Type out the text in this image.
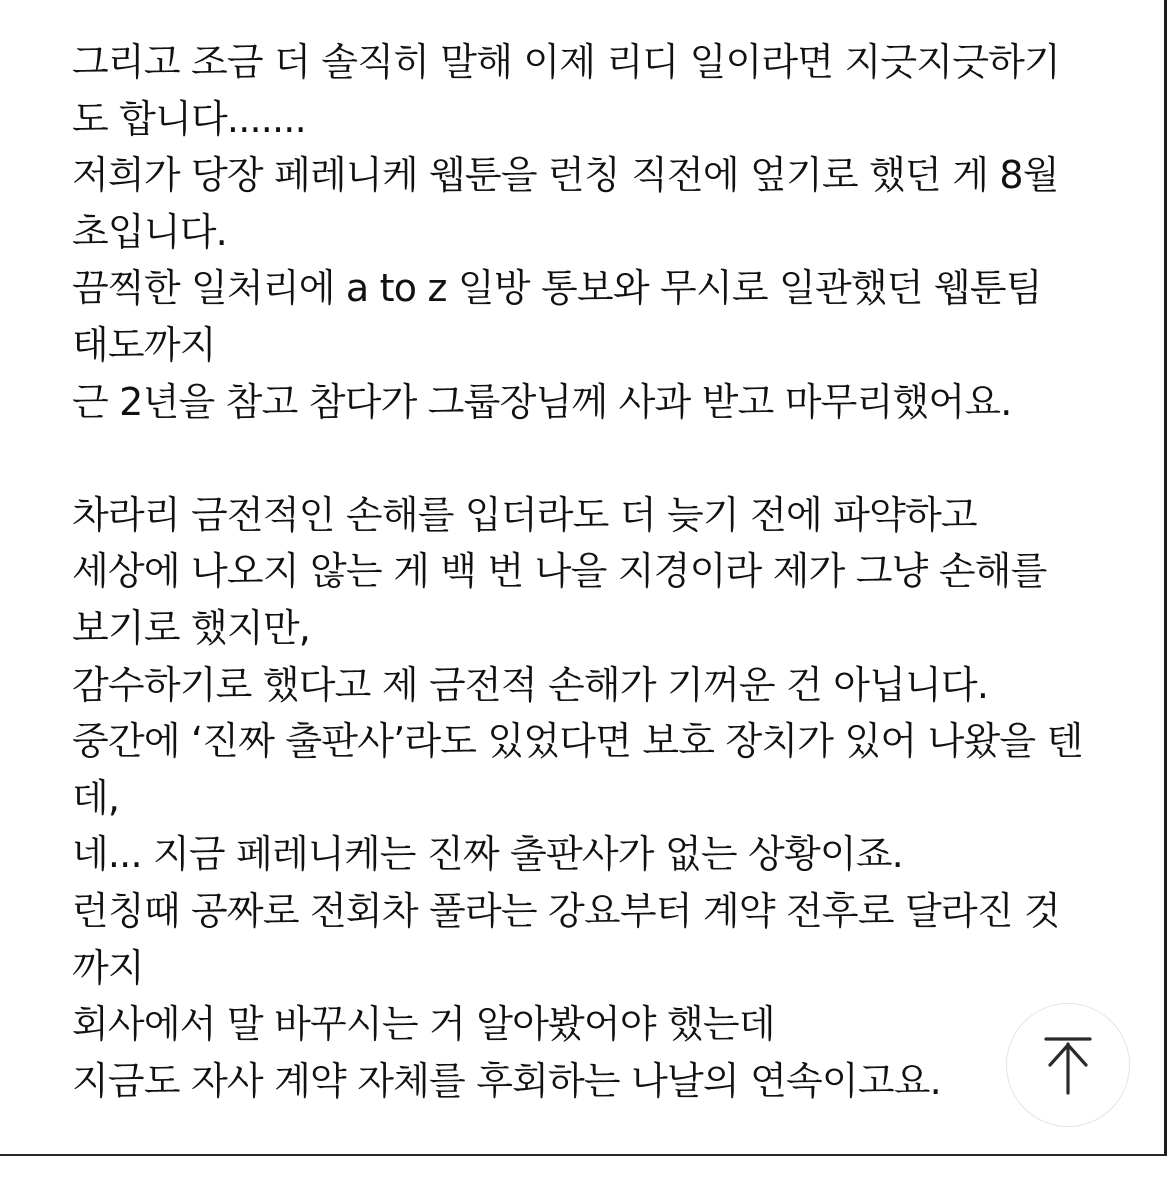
그리고 조금 더 솔직히 말해 이제 리디 일이라면 지긋지긋하기
도 합니다.......
저희가 당장 페레니케 웹툰을 런칭 직전에 엎기로 했던 게 8월
초입니다.
끔찍한 일처리에 a to z 일방 통보와 무시로 일관했던 웹툰팀
태도까지
근 2년을 참고 참다가 그룹장님께 사과 받고 마무리했어요.
차라리 금전적인 손해를 입더라도 더 늦기 전에 파약하고
세상에 나오지 않는 게 백 번 나을 지경이라 제가 그냥 손해를
보기로 했지만,
감수하기로 했다고 제 금전적 손해가 기꺼운 건 아닙니다.
중간에 ‘진짜 출판사’라도 있었다면 보호 장치가 있어 나왔을 텐
데,
네... 지금 페레니케는 진짜 출판사가 없는 상황이죠.
런칭때 공짜로 전회차 풀라는 강요부터 계약 전후로 달라진 것
까지
회사에서 말 바꾸시는 거 알아봤어야 했는데
지금도 자사 계약 자체를 후회하는 나날의 연속이고요.
